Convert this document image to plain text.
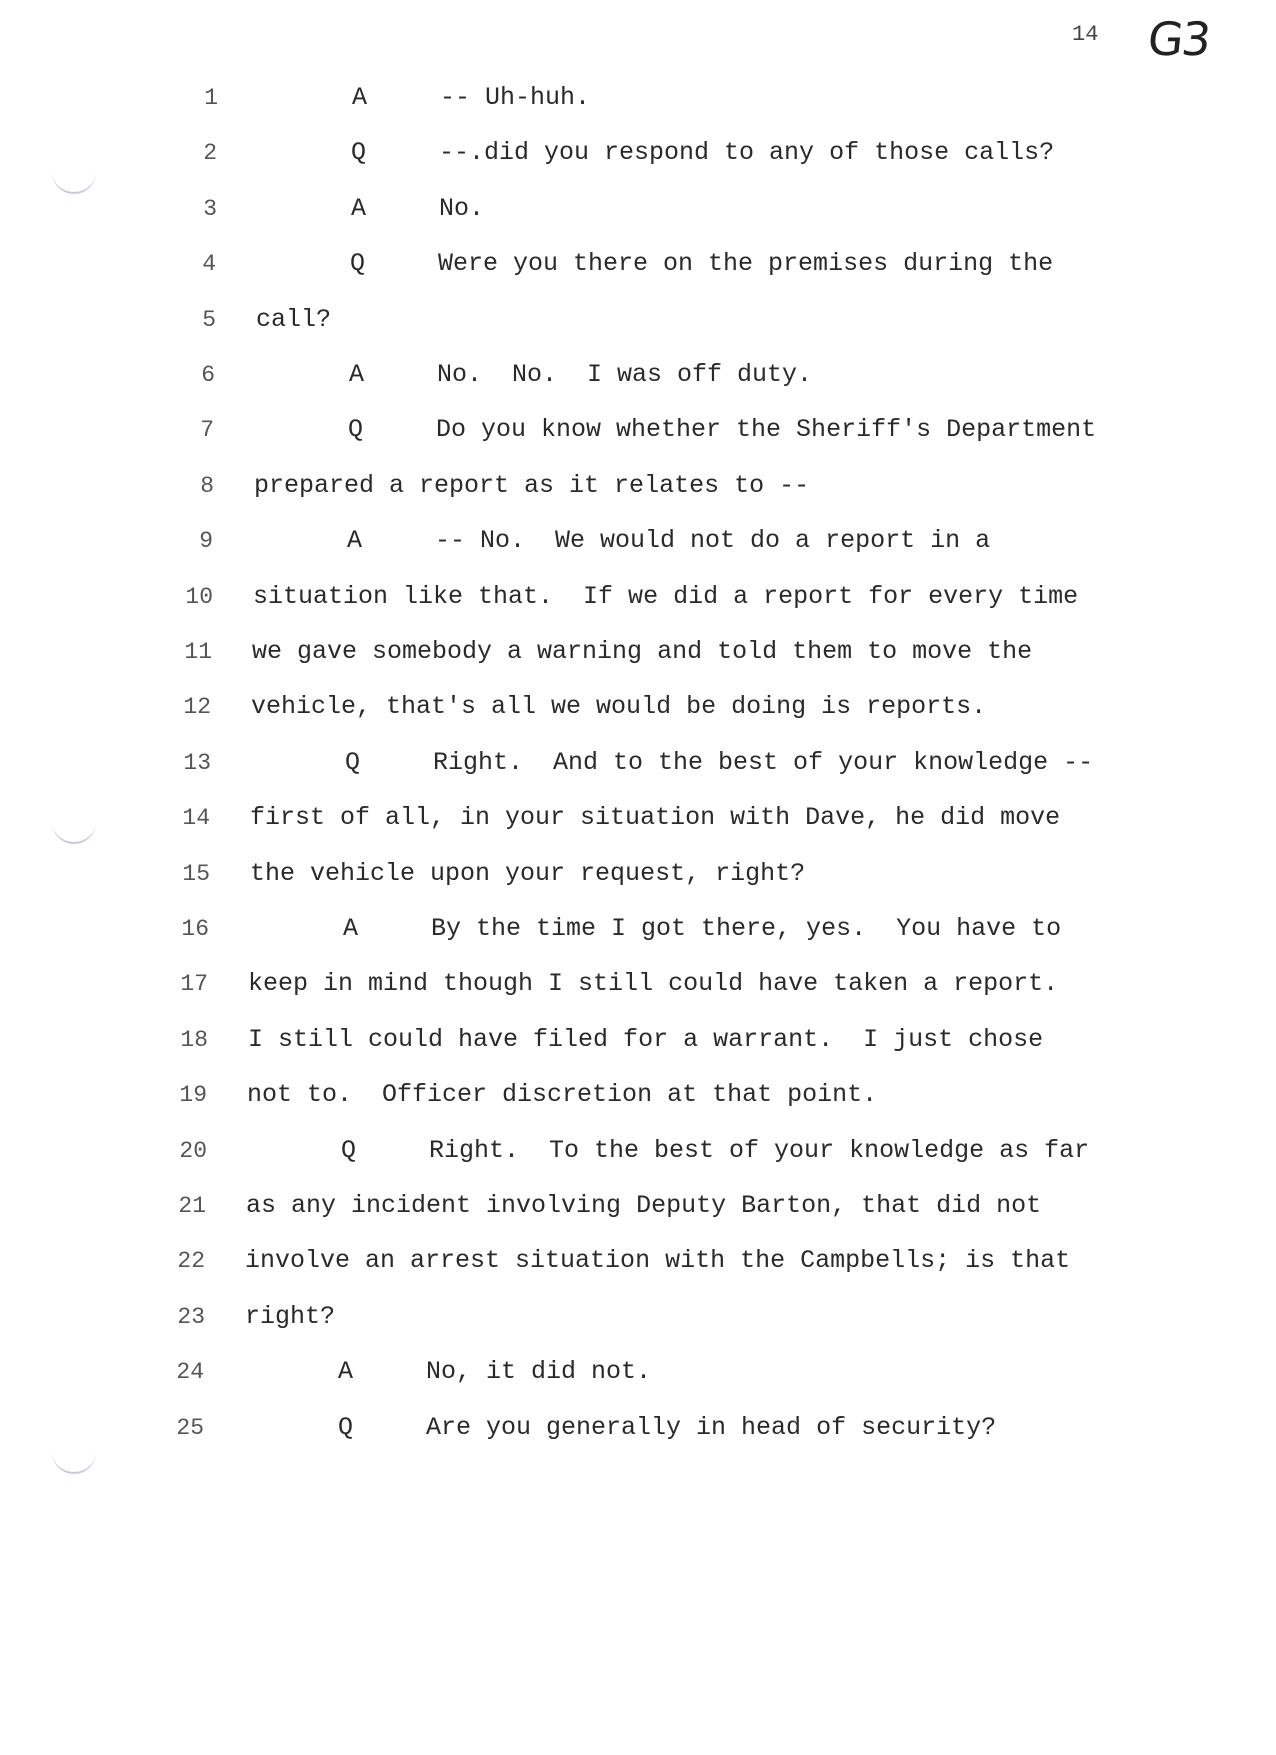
14 G3
1	A	-- Uh-huh.
2	Q	--.did you respond to any of those calls?
3	A	No.
4	Q	Were you there on the premises during the
5 call?
6	A	No.  No.  I was off duty.
7	Q	Do you know whether the Sheriff's Department
8 prepared a report as it relates to --
9	A	-- No.  We would not do a report in a
10 situation like that.  If we did a report for every time
11 we gave somebody a warning and told them to move the
12 vehicle, that's all we would be doing is reports.
13	Q	Right.  And to the best of your knowledge --
14 first of all, in your situation with Dave, he did move
15 the vehicle upon your request, right?
16	A	By the time I got there, yes.  You have to
17 keep in mind though I still could have taken a report.
18 I still could have filed for a warrant.  I just chose
19 not to.  Officer discretion at that point.
20	Q	Right.  To the best of your knowledge as far
21 as any incident involving Deputy Barton, that did not
22 involve an arrest situation with the Campbells; is that
23 right?
24	A	No, it did not.
25	Q	Are you generally in head of security?
